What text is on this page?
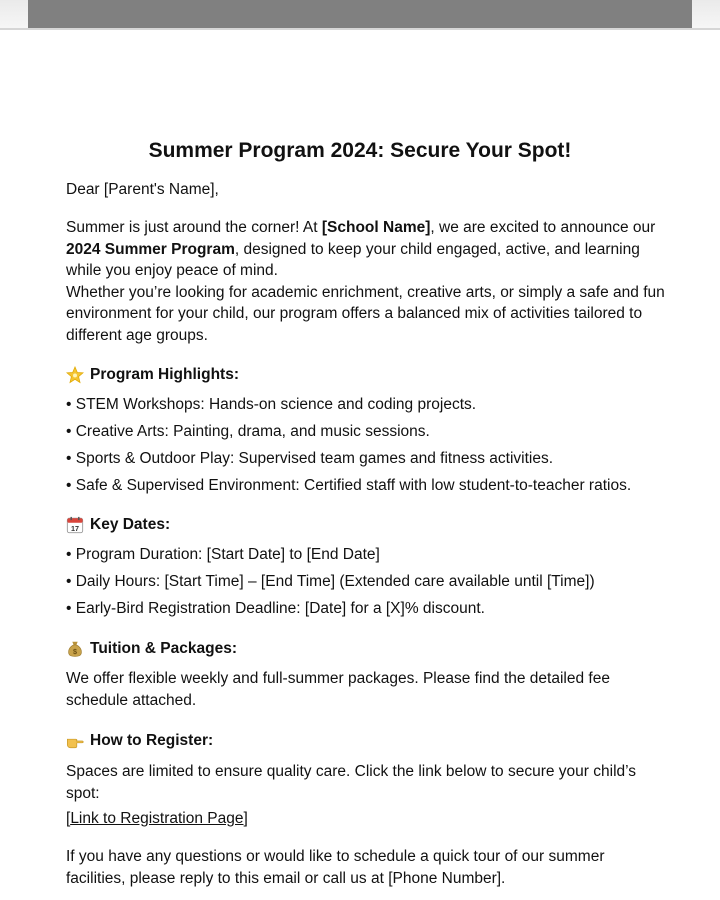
Summer Program 2024: Secure Your Spot!

Dear [Parent's Name],

Summer is just around the corner! At [School Name], we are excited to announce our 2024 Summer Program, designed to keep your child engaged, active, and learning while you enjoy peace of mind.
Whether you’re looking for academic enrichment, creative arts, or simply a safe and fun environment for your child, our program offers a balanced mix of activities tailored to different age groups.

Program Highlights:
• STEM Workshops: Hands-on science and coding projects.
• Creative Arts: Painting, drama, and music sessions.
• Sports & Outdoor Play: Supervised team games and fitness activities.
• Safe & Supervised Environment: Certified staff with low student-to-teacher ratios.
17 Key Dates:
• Program Duration: [Start Date] to [End Date]
• Daily Hours: [Start Time] – [End Time] (Extended care available until [Time])
• Early-Bird Registration Deadline: [Date] for a [X]% discount.
$ Tuition & Packages:

We offer flexible weekly and full-summer packages. Please find the detailed fee schedule attached.

How to Register:

Spaces are limited to ensure quality care. Click the link below to secure your child’s spot:

[Link to Registration Page]

If you have any questions or would like to schedule a quick tour of our summer facilities, please reply to this email or call us at [Phone Number].
